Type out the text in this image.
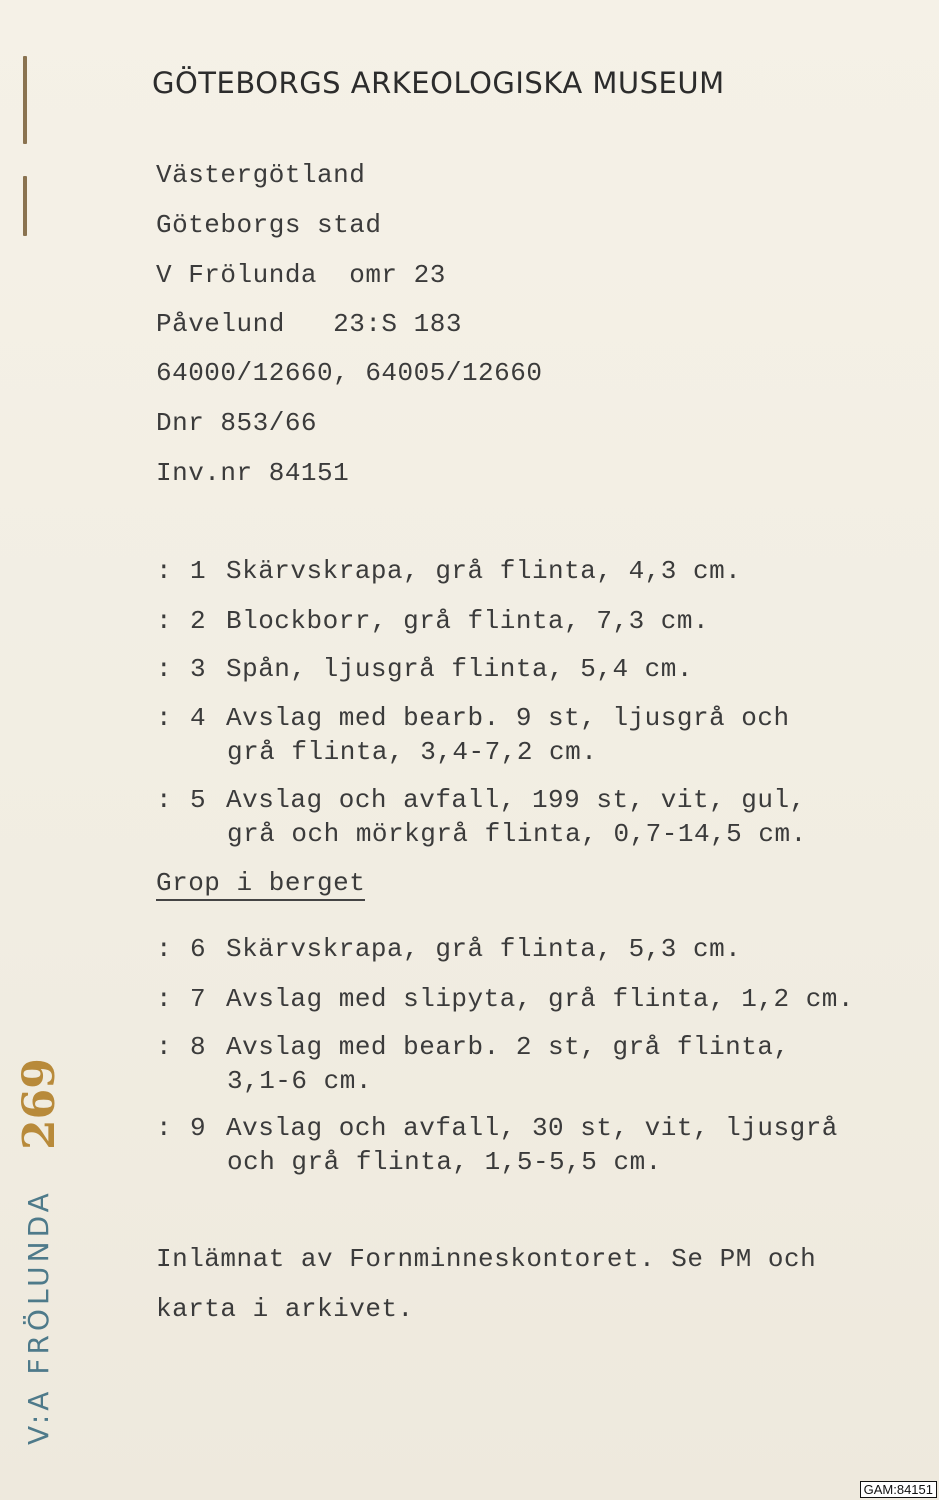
GÖTEBORGS ARKEOLOGISKA MUSEUM
Västergötland
Göteborgs stad
V Frölunda  omr 23
Påvelund   23:S 183
64000/12660, 64005/12660
Dnr 853/66
Inv.nr 84151
: 1 Skärvskrapa, grå flinta, 4,3 cm.
: 2 Blockborr, grå flinta, 7,3 cm.
: 3 Spån, ljusgrå flinta, 5,4 cm.
: 4 Avslag med bearb. 9 st, ljusgrå och
grå flinta, 3,4-7,2 cm.
: 5 Avslag och avfall, 199 st, vit, gul,
grå och mörkgrå flinta, 0,7-14,5 cm.
Grop i berget
: 6 Skärvskrapa, grå flinta, 5,3 cm.
: 7 Avslag med slipyta, grå flinta, 1,2 cm.
: 8 Avslag med bearb. 2 st, grå flinta,
3,1-6 cm.
: 9 Avslag och avfall, 30 st, vit, ljusgrå
och grå flinta, 1,5-5,5 cm.
Inlämnat av Fornminneskontoret. Se PM och
karta i arkivet.
V:A FRÖLUNDA
269
GAM:84151
